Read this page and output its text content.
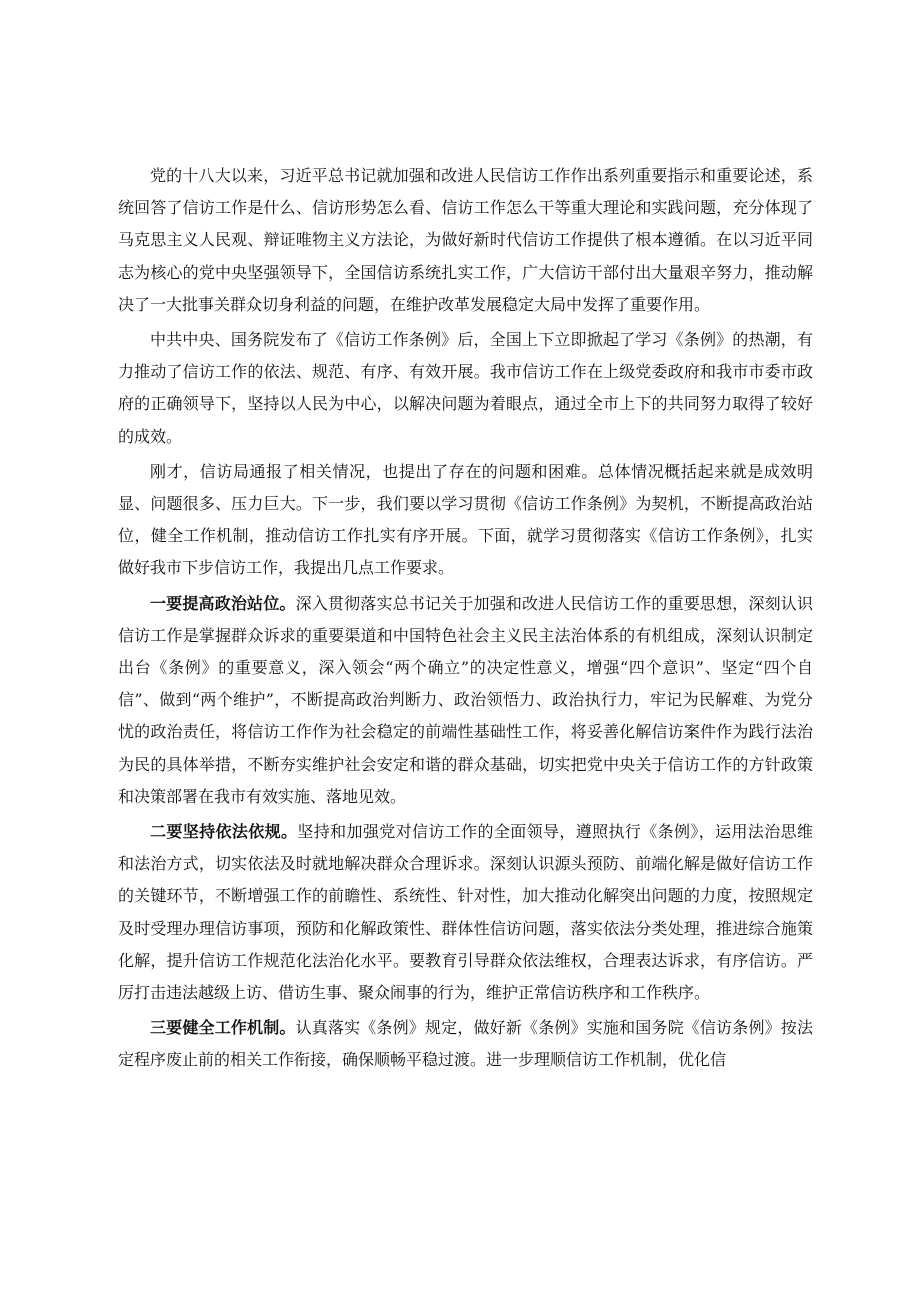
党的十八大以来，习近平总书记就加强和改进人民信访工作作出系列重要指示和重要论述，系统回答了信访工作是什么、信访形势怎么看、信访工作怎么干等重大理论和实践问题，充分体现了马克思主义人民观、辩证唯物主义方法论，为做好新时代信访工作提供了根本遵循。在以习近平同志为核心的党中央坚强领导下，全国信访系统扎实工作，广大信访干部付出大量艰辛努力，推动解决了一大批事关群众切身利益的问题，在维护改革发展稳定大局中发挥了重要作用。

中共中央、国务院发布了《信访工作条例》后，全国上下立即掀起了学习《条例》的热潮，有力推动了信访工作的依法、规范、有序、有效开展。我市信访工作在上级党委政府和我市市委市政府的正确领导下，坚持以人民为中心，以解决问题为着眼点，通过全市上下的共同努力取得了较好的成效。

刚才，信访局通报了相关情况，也提出了存在的问题和困难。总体情况概括起来就是成效明显、问题很多、压力巨大。下一步，我们要以学习贯彻《信访工作条例》为契机，不断提高政治站位，健全工作机制，推动信访工作扎实有序开展。下面，就学习贯彻落实《信访工作条例》，扎实做好我市下步信访工作，我提出几点工作要求。

一要提高政治站位。深入贯彻落实总书记关于加强和改进人民信访工作的重要思想，深刻认识信访工作是掌握群众诉求的重要渠道和中国特色社会主义民主法治体系的有机组成，深刻认识制定出台《条例》的重要意义，深入领会“两个确立”的决定性意义，增强“四个意识”、坚定“四个自信”、做到“两个维护”，不断提高政治判断力、政治领悟力、政治执行力，牢记为民解难、为党分忧的政治责任，将信访工作作为社会稳定的前端性基础性工作，将妥善化解信访案件作为践行法治为民的具体举措，不断夯实维护社会安定和谐的群众基础，切实把党中央关于信访工作的方针政策和决策部署在我市有效实施、落地见效。

二要坚持依法依规。坚持和加强党对信访工作的全面领导，遵照执行《条例》，运用法治思维和法治方式，切实依法及时就地解决群众合理诉求。深刻认识源头预防、前端化解是做好信访工作的关键环节，不断增强工作的前瞻性、系统性、针对性，加大推动化解突出问题的力度，按照规定及时受理办理信访事项，预防和化解政策性、群体性信访问题，落实依法分类处理，推进综合施策化解，提升信访工作规范化法治化水平。要教育引导群众依法维权，合理表达诉求，有序信访。严厉打击违法越级上访、借访生事、聚众闹事的行为，维护正常信访秩序和工作秩序。

三要健全工作机制。认真落实《条例》规定，做好新《条例》实施和国务院《信访条例》按法定程序废止前的相关工作衔接，确保顺畅平稳过渡。进一步理顺信访工作机制，优化信
